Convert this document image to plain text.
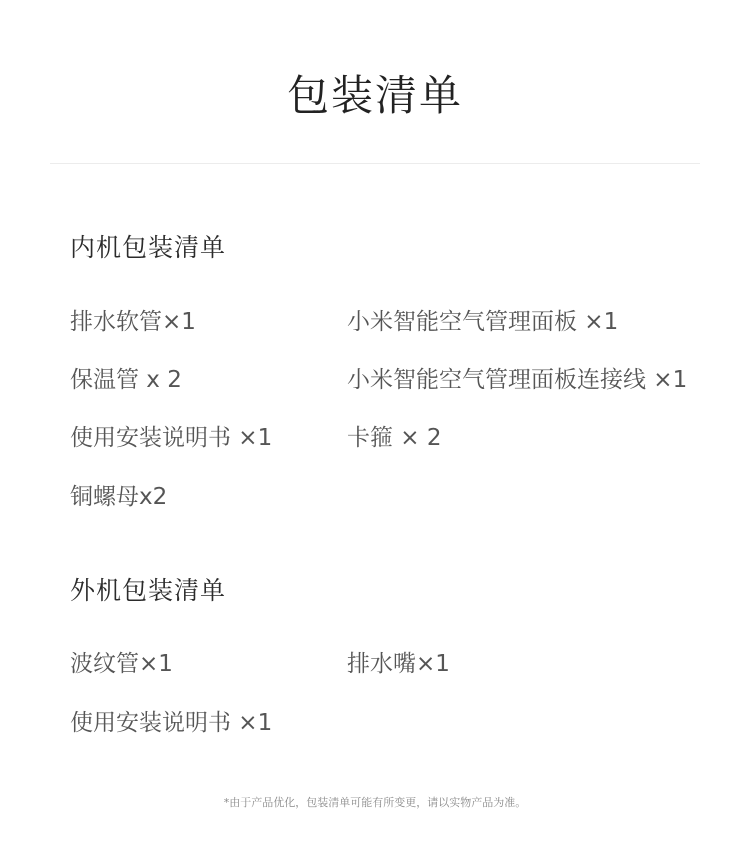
包装清单
内机包装清单
排水软管×1
保温管 x 2
使用安装说明书 ×1
铜螺母x2
小米智能空气管理面板 ×1
小米智能空气管理面板连接线 ×1
卡箍 × 2
外机包装清单
波纹管×1
使用安装说明书 ×1
排水嘴×1
*由于产品优化，包装清单可能有所变更，请以实物产品为准。
